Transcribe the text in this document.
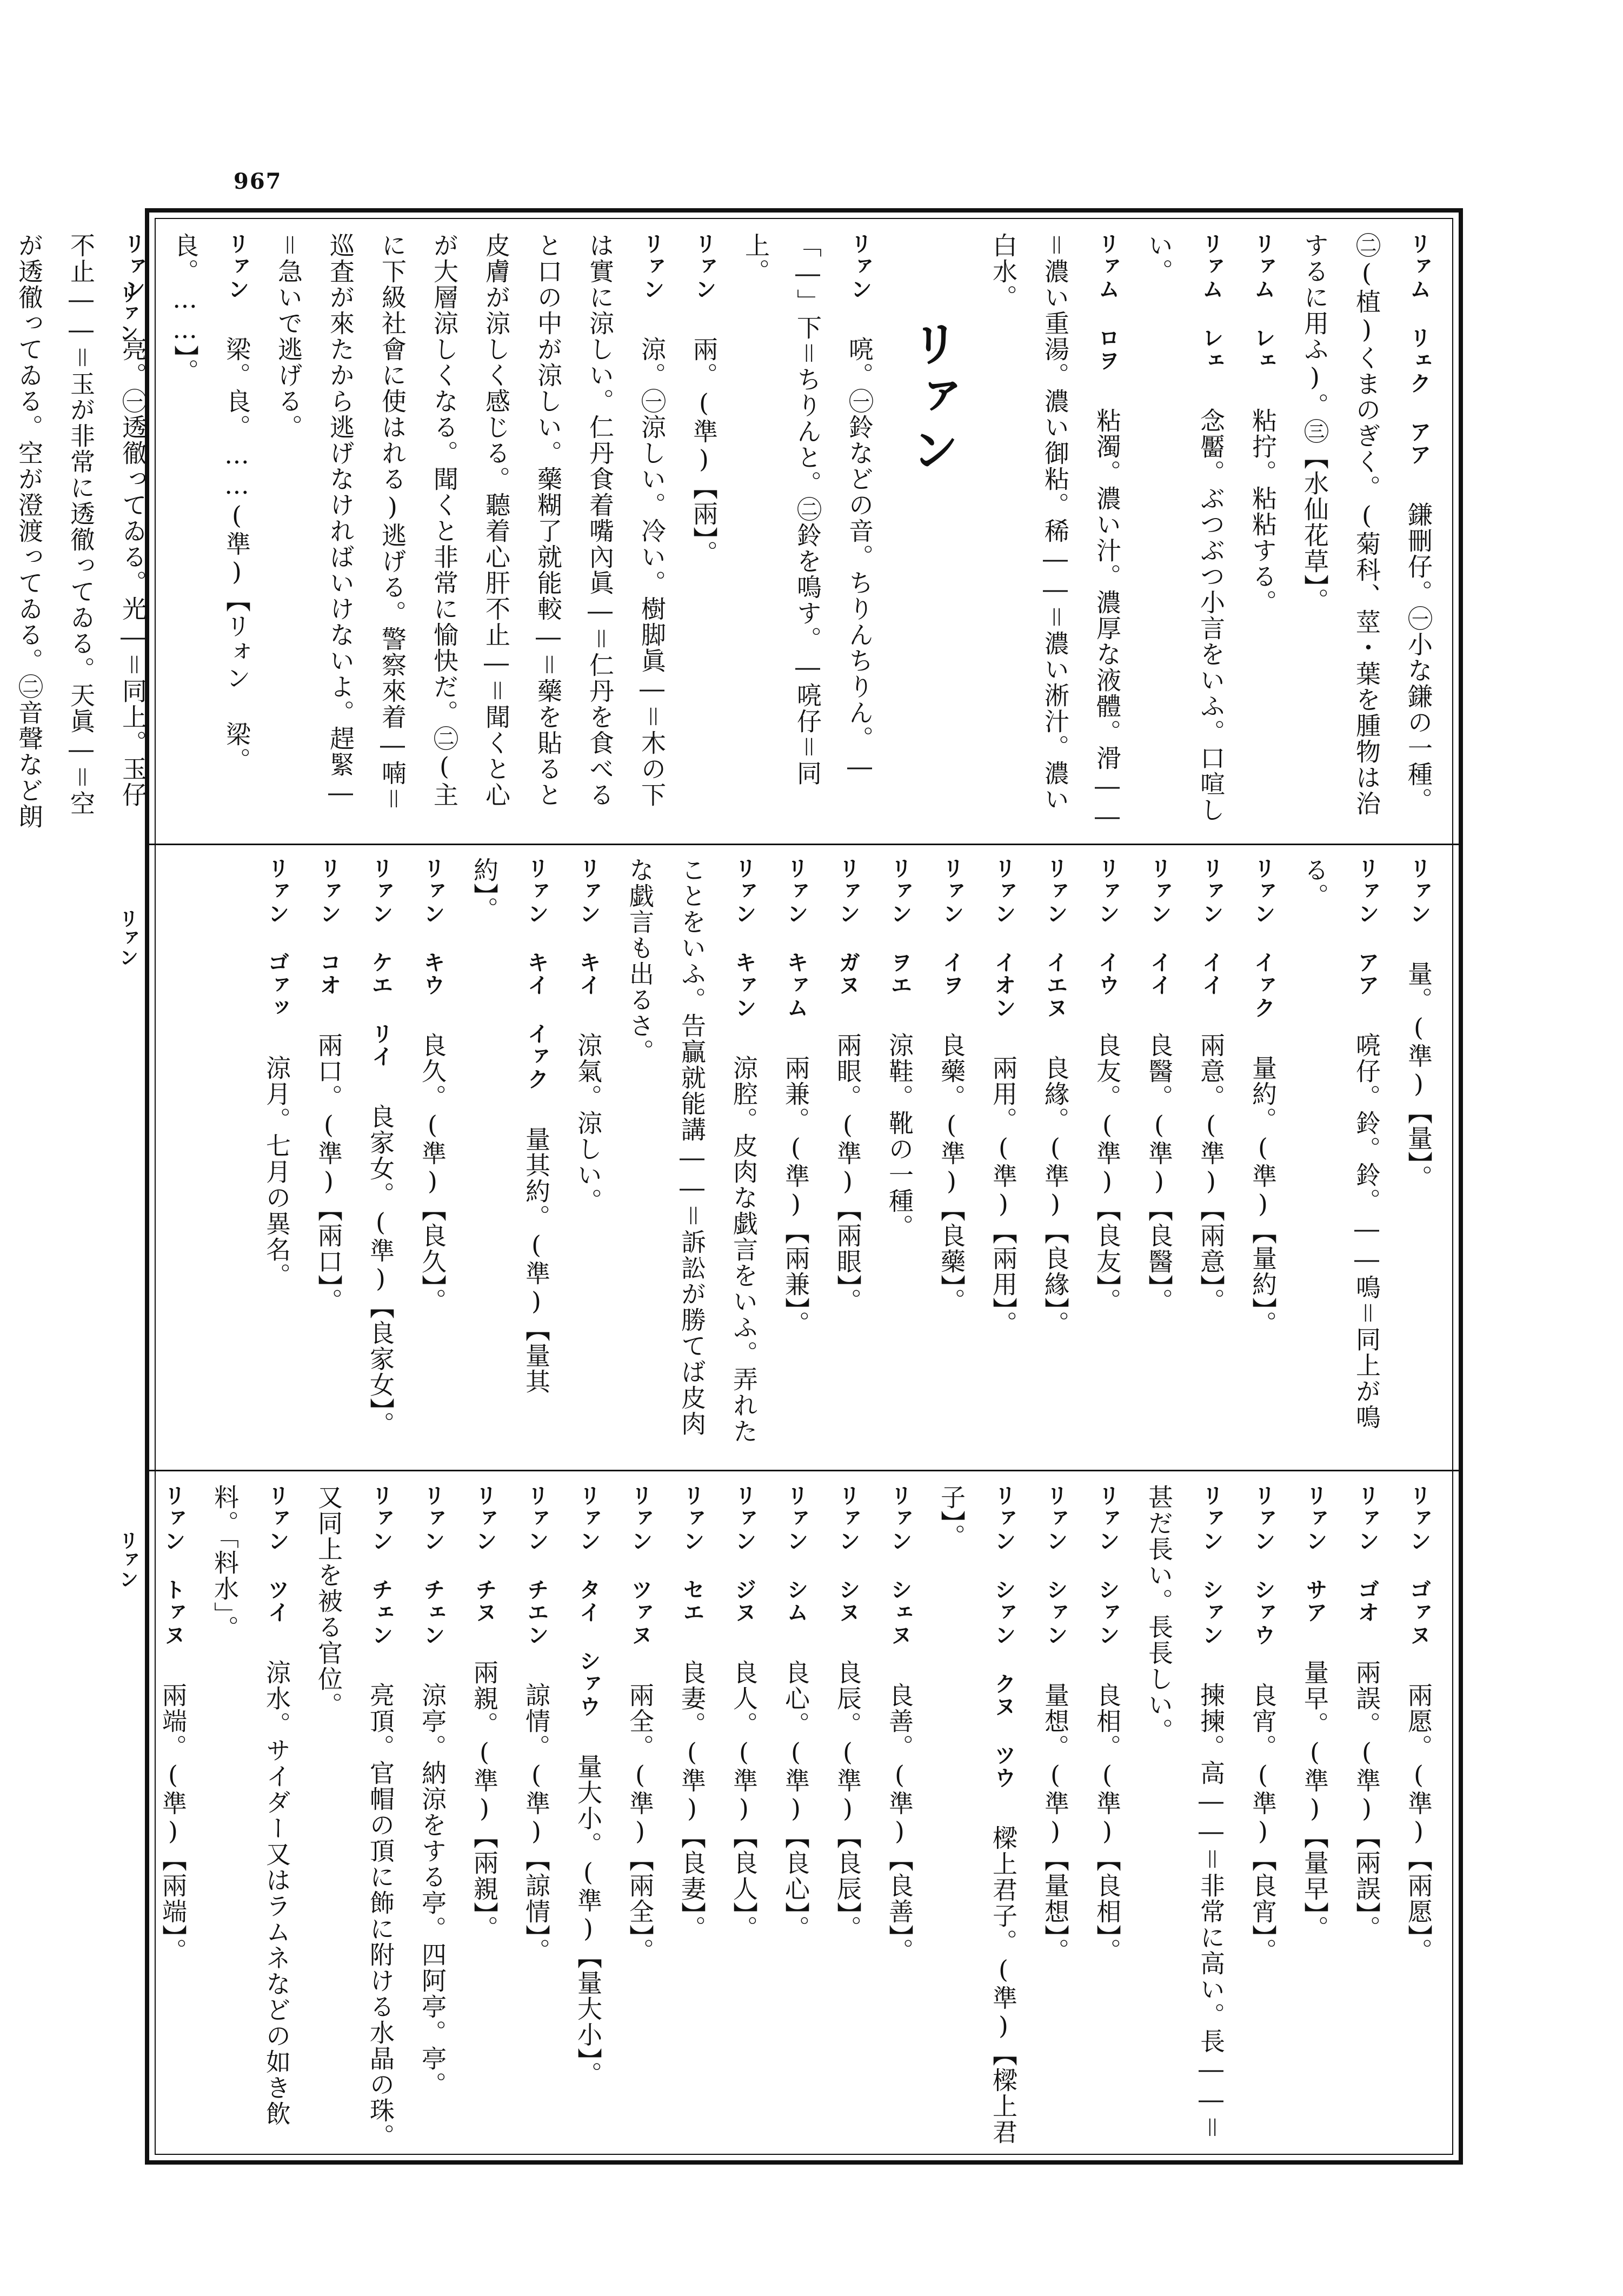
967
リァン
リァン
リァン

リァム リェク アア　鎌刪仔。㊀小な鎌の一種。㊁(植)くまのぎく。(菊科、莖・葉を腫物は治するに用ふ)。㊂【水仙花草】。

リァム レェ　粘拧。粘粘する。

リァム レェ　念靨。ぶつぶつ小言をいふ。口喧しい。

リァム ロヲ　粘濁。濃い汁。濃厚な液體。滑――＝濃い重湯。濃い御粘。稀――＝濃い淅汁。濃い白水。

リァン

リァン　喨。㊀鈴などの音。ちりんちりん。―「―」下＝ちりんと。㊁鈴を鳴す。―喨仔＝同上。

リァン　兩。(準)【兩】。

リァン　涼。㊀涼しい。冷い。樹脚眞―＝木の下は實に涼しい。仁丹食着嘴內眞―＝仁丹を食べると口の中が涼しい。藥糊了就能較―＝藥を貼ると皮膚が涼しく感じる。聽着心肝不止―＝聞くと心が大層涼しくなる。聞くと非常に愉快だ。㊁(主に下級社會に使はれる)逃げる。警察來着―喃＝巡査が來たから逃げなければいけないよ。趕緊―＝急いで逃げる。

リァン　梁。良。……(準)【リォン 梁。良。……】。

リァン　亮。㊀透徹ってゐる。光―＝同上。玉仔不止――＝玉が非常に透徹ってゐる。天眞―＝空が透徹ってゐる。空が澄渡ってゐる。㊁音聲など朗

リァン　量。(準)【量】。

リァン アア　喨仔。鈴。鈴。――鳴＝同上が鳴る。

リァン イァク　量約。(準)【量約】。

リァン イイ　兩意。(準)【兩意】。

リァン イイ　良醫。(準)【良醫】。

リァン イウ　良友。(準)【良友】。

リァン イエヌ　良緣。(準)【良緣】。

リァン イオン　兩用。(準)【兩用】。

リァン イヲ　良藥。(準)【良藥】。

リァン ヲエ　涼鞋。靴の一種。

リァン ガヌ　兩眼。(準)【兩眼】。

リァン キァム　兩兼。(準)【兩兼】。

リァン キァン　涼腔。皮肉な戯言をいふ。弄れたことをいふ。告贏就能講――＝訴訟が勝てば皮肉な戯言も出るさ。

リァン キイ　涼氣。涼しい。

リァン キイ イァク　量其約。(準)【量其約】。

リァン キウ　良久。(準)【良久】。

リァン ケエ リイ　良家女。(準)【良家女】。

リァン コオ　兩口。(準)【兩口】。

リァン ゴァッ　涼月。七月の異名。

リァン ゴァヌ　兩愿。(準)【兩愿】。

リァン ゴオ　兩誤。(準)【兩誤】。

リァン サア　量早。(準)【量早】。

リァン シァウ　良宵。(準)【良宵】。

リァン シァン　揀揀。高――＝非常に高い。長――＝甚だ長い。長長しい。

リァン シァン　良相。(準)【良相】。

リァン シァン　量想。(準)【量想】。

リァン シァン クヌ ツウ　樑上君子。(準)【樑上君子】。

リァン シェヌ　良善。(準)【良善】。

リァン シヌ　良辰。(準)【良辰】。

リァン シム　良心。(準)【良心】。

リァン ジヌ　良人。(準)【良人】。

リァン セエ　良妻。(準)【良妻】。

リァン ツァヌ　兩全。(準)【兩全】。

リァン タイ シァウ　量大小。(準)【量大小】。

リァン チエン　諒情。(準)【諒情】。

リァン チヌ　兩親。(準)【兩親】。

リァン チェン　涼亭。納涼をする亭。四阿亭。亭。

リァン チェン　亮頂。官帽の頂に飾に附ける水晶の珠。又同上を被る官位。

リァン ツイ　涼水。サイダー又はラムネなどの如き飲料。「料水」。

リァン トァヌ　兩端。(準)【兩端】。
